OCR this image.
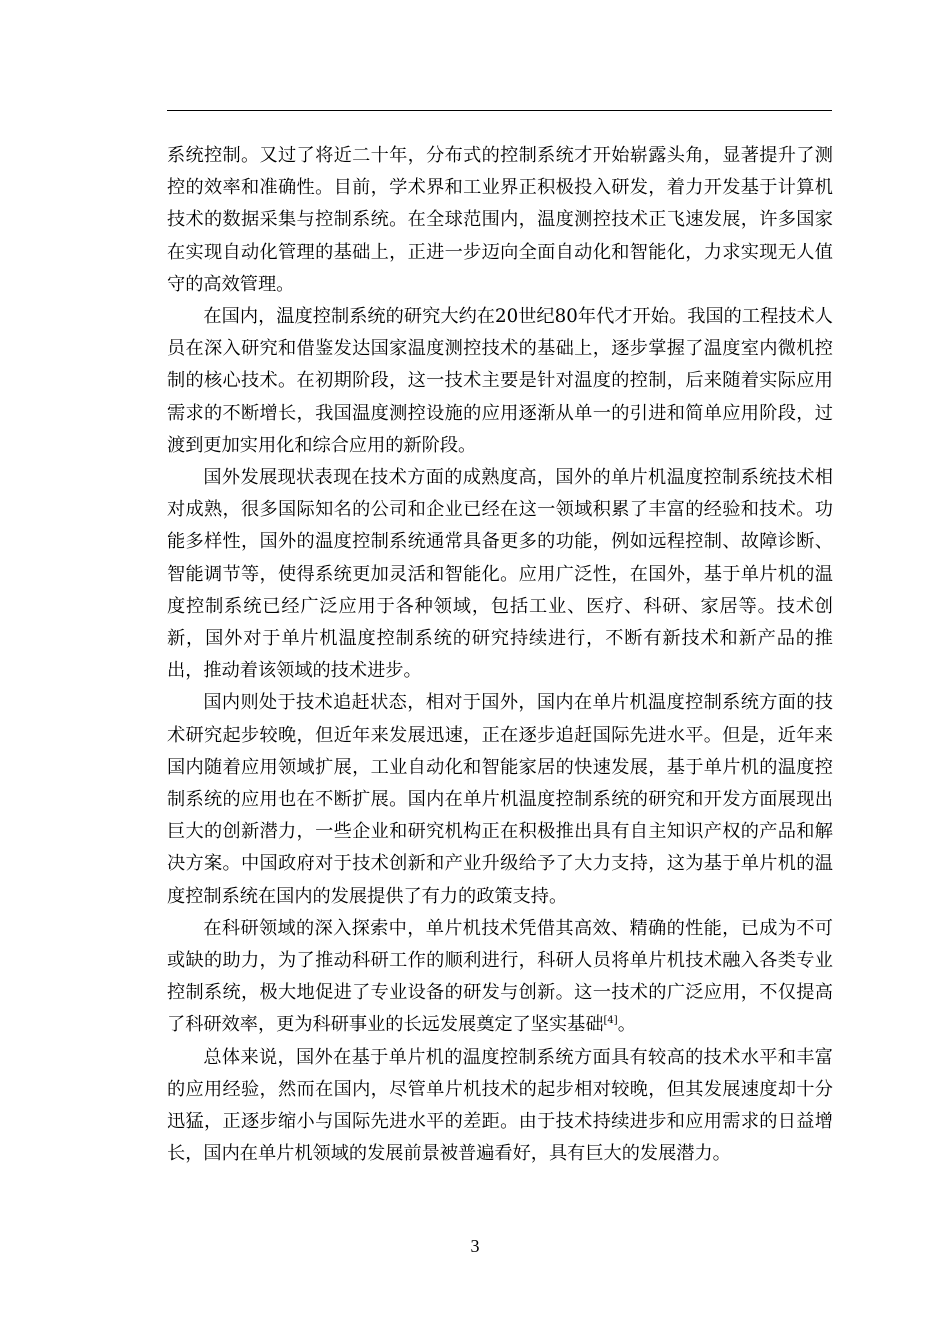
系统控制。又过了将近二十年，分布式的控制系统才开始崭露头角，显著提升了测控的效率和准确性。目前，学术界和工业界正积极投入研发，着力开发基于计算机技术的数据采集与控制系统。在全球范围内，温度测控技术正飞速发展，许多国家在实现自动化管理的基础上，正进一步迈向全面自动化和智能化，力求实现无人值守的高效管理。

在国内，温度控制系统的研究大约在20世纪80年代才开始。我国的工程技术人员在深入研究和借鉴发达国家温度测控技术的基础上，逐步掌握了温度室内微机控制的核心技术。在初期阶段，这一技术主要是针对温度的控制，后来随着实际应用需求的不断增长，我国温度测控设施的应用逐渐从单一的引进和简单应用阶段，过渡到更加实用化和综合应用的新阶段。

国外发展现状表现在技术方面的成熟度高，国外的单片机温度控制系统技术相对成熟，很多国际知名的公司和企业已经在这一领域积累了丰富的经验和技术。功能多样性，国外的温度控制系统通常具备更多的功能，例如远程控制、故障诊断、智能调节等，使得系统更加灵活和智能化。应用广泛性，在国外，基于单片机的温度控制系统已经广泛应用于各种领域，包括工业、医疗、科研、家居等。技术创新，国外对于单片机温度控制系统的研究持续进行，不断有新技术和新产品的推出，推动着该领域的技术进步。

国内则处于技术追赶状态，相对于国外，国内在单片机温度控制系统方面的技术研究起步较晚，但近年来发展迅速，正在逐步追赶国际先进水平。但是，近年来国内随着应用领域扩展，工业自动化和智能家居的快速发展，基于单片机的温度控制系统的应用也在不断扩展。国内在单片机温度控制系统的研究和开发方面展现出巨大的创新潜力，一些企业和研究机构正在积极推出具有自主知识产权的产品和解决方案。中国政府对于技术创新和产业升级给予了大力支持，这为基于单片机的温度控制系统在国内的发展提供了有力的政策支持。

在科研领域的深入探索中，单片机技术凭借其高效、精确的性能，已成为不可或缺的助力，为了推动科研工作的顺利进行，科研人员将单片机技术融入各类专业控制系统，极大地促进了专业设备的研发与创新。这一技术的广泛应用，不仅提高了科研效率，更为科研事业的长远发展奠定了坚实基础[4]。

总体来说，国外在基于单片机的温度控制系统方面具有较高的技术水平和丰富的应用经验，然而在国内，尽管单片机技术的起步相对较晚，但其发展速度却十分迅猛，正逐步缩小与国际先进水平的差距。由于技术持续进步和应用需求的日益增长，国内在单片机领域的发展前景被普遍看好，具有巨大的发展潜力。

3
